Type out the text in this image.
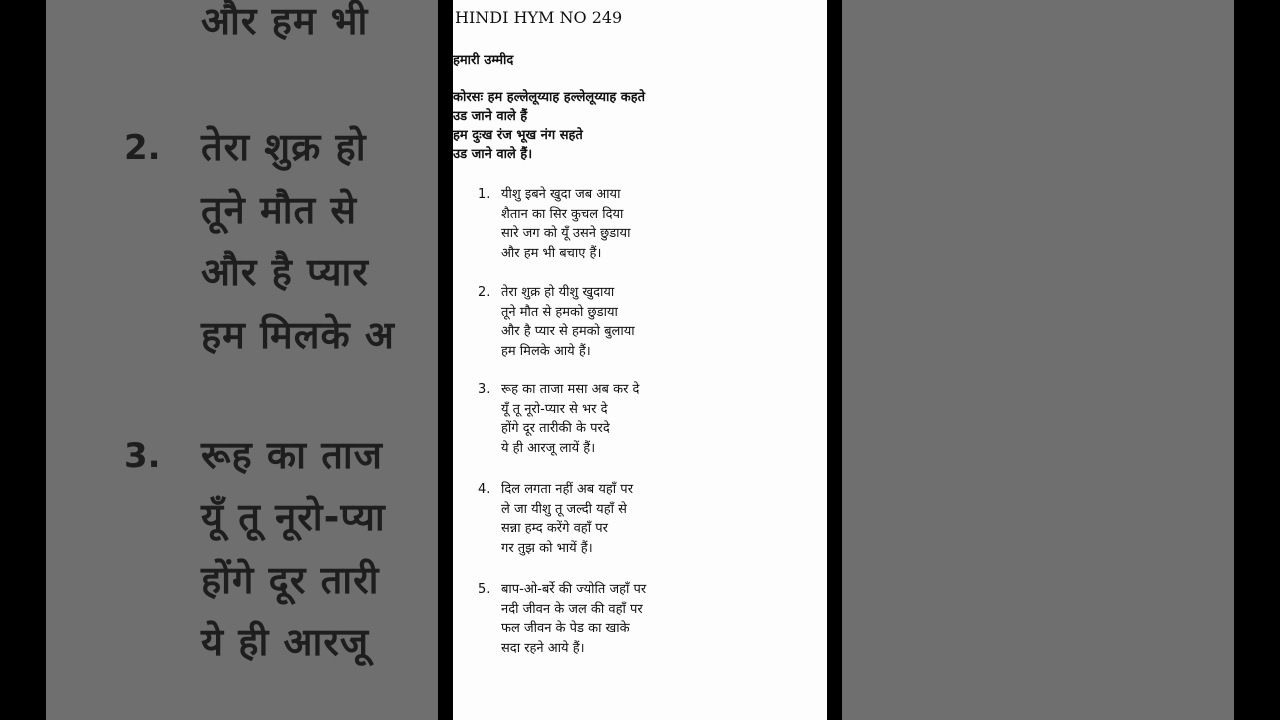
और हम भी
2. तेरा शुक्र हो
तूने मौत से
और है प्यार
हम मिलके अ
3. रूह का ताज
यूँ तू नूरो-प्या
होंगे दूर तारी
ये ही आरजू
HINDI HYM NO 249
हमारी उम्मीद
कोरसः हम हल्लेलूय्याह हल्लेलूय्याह कहते
उड जाने वाले हैं
हम दुःख रंज भूख नंग सहते
उड जाने वाले हैं।
1. यीशु इबने खुदा जब आया
शैतान का सिर कुचल दिया
सारे जग को यूँ उसने छुडाया
और हम भी बचाए हैं।
2. तेरा शुक्र हो यीशु खुदाया
तूने मौत से हमको छुडाया
और है प्यार से हमको बुलाया
हम मिलके आये हैं।
3. रूह का ताजा मसा अब कर दे
यूँ तू नूरो-प्यार से भर दे
होंगे दूर तारीकी के परदे
ये ही आरजू लायें हैं।
4. दिल लगता नहीं अब यहाँ पर
ले जा यीशु तू जल्दी यहाँ से
सन्ना हम्द करेंगे वहाँ पर
गर तुझ को भायें हैं।
5. बाप-ओ-बर्रे की ज्योति जहाँ पर
नदी जीवन के जल की वहाँ पर
फल जीवन के पेड का खाके
सदा रहने आये हैं।
